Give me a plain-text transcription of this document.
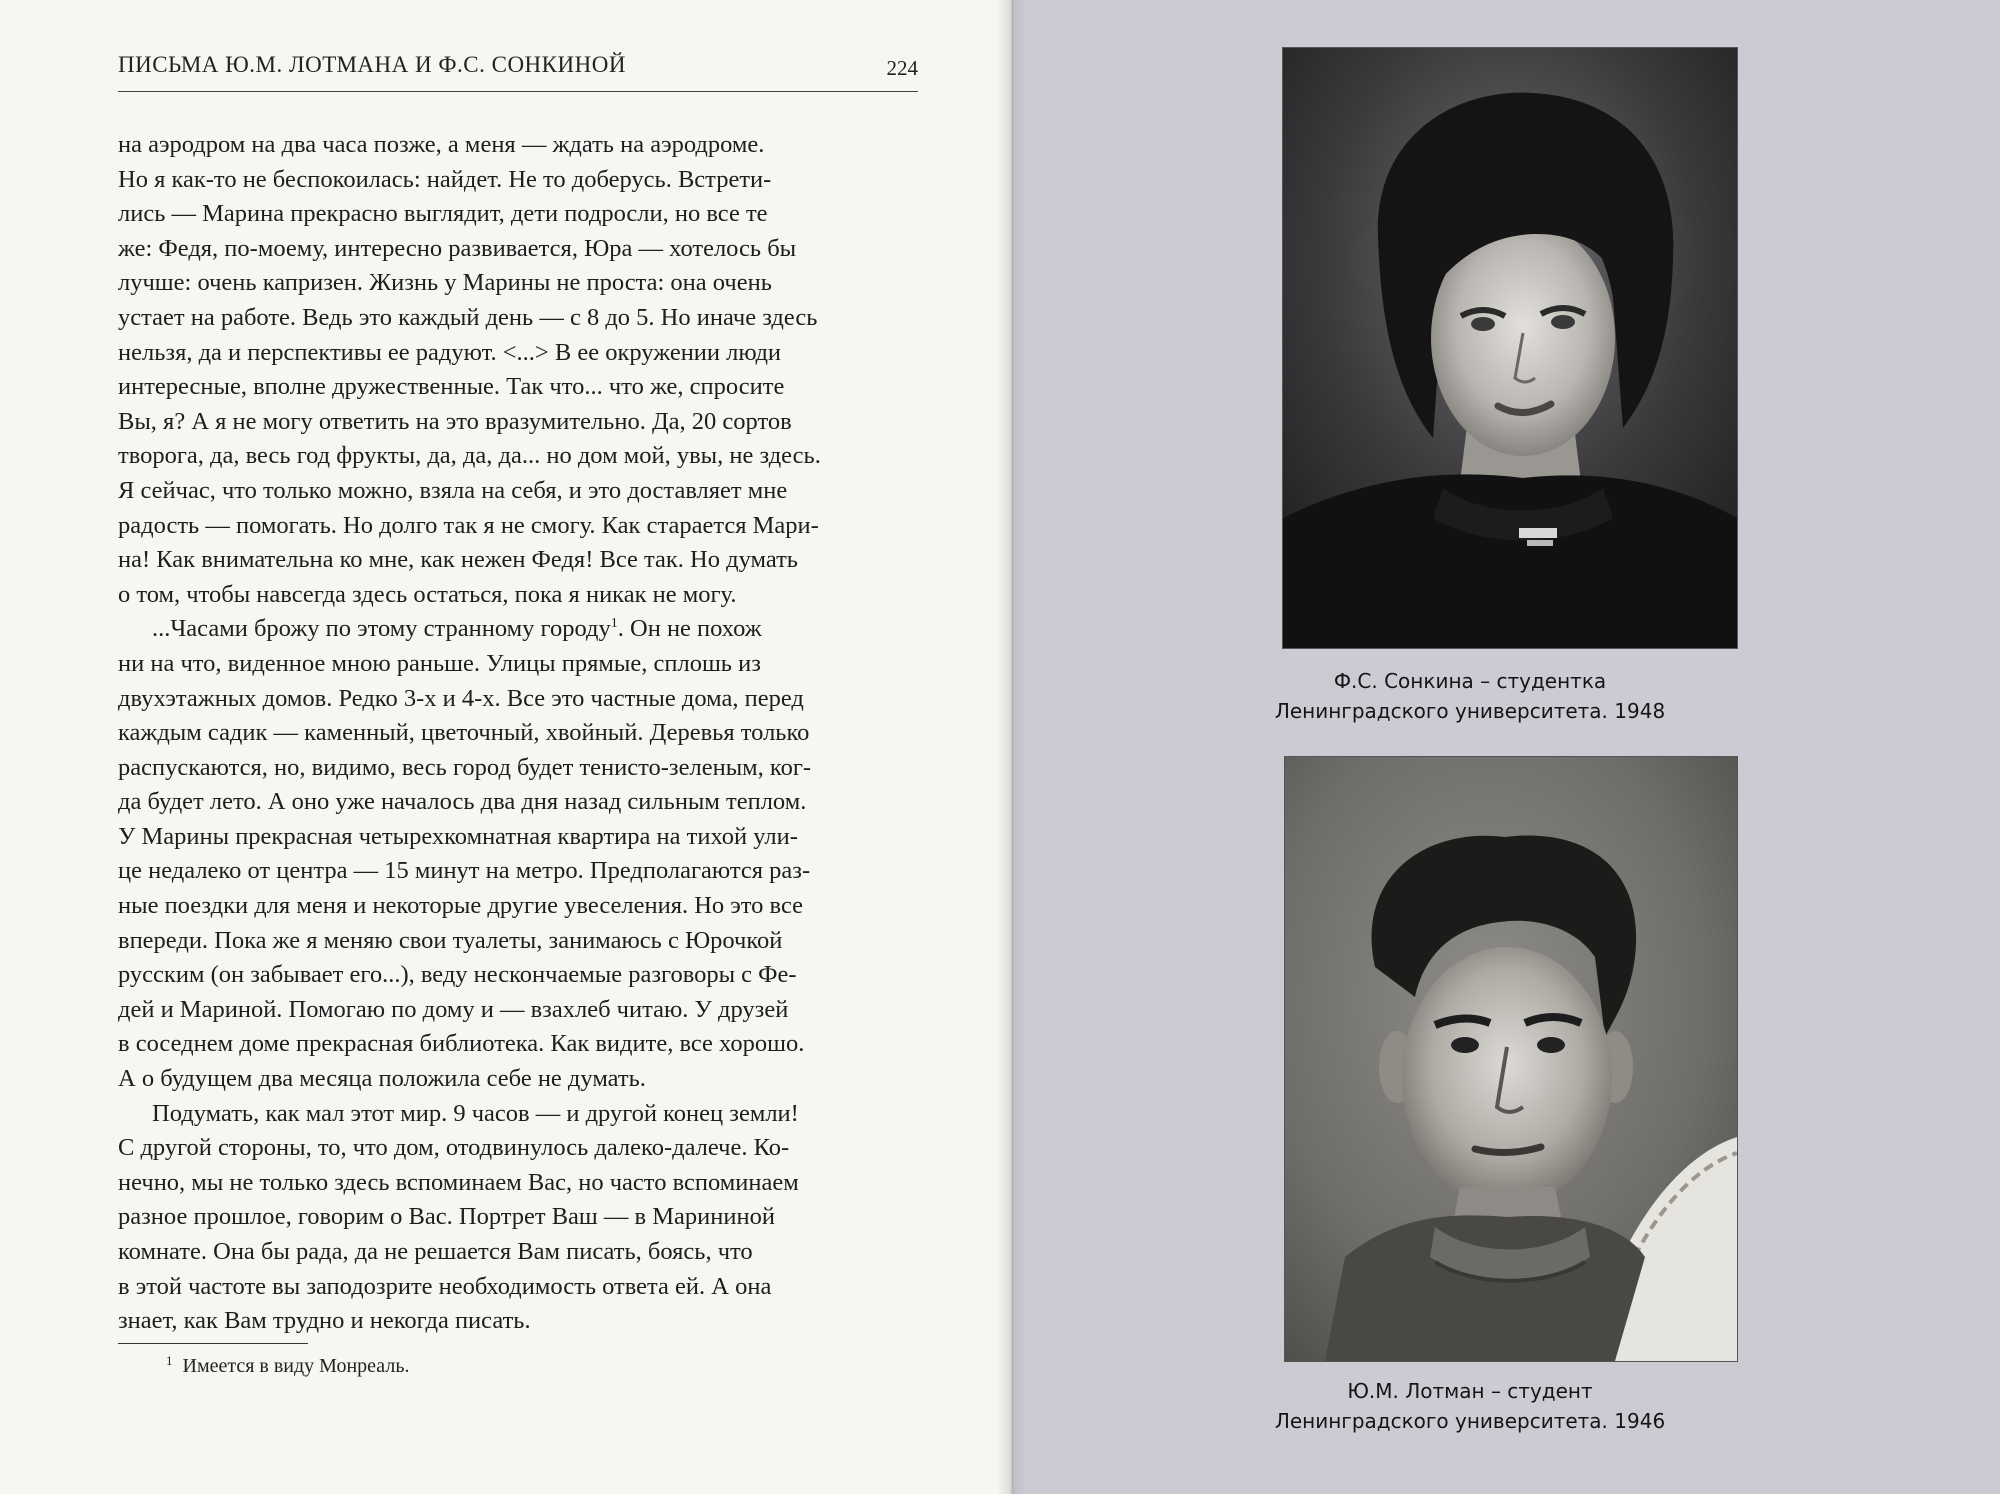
ПИСЬМА Ю.М. ЛОТМАНА И Ф.С. СОНКИНОЙ	224
на аэродром на два часа позже, а меня — ждать на аэродроме.
Но я как-то не беспокоилась: найдет. Не то доберусь. Встрети-
лись — Марина прекрасно выглядит, дети подросли, но все те
же: Федя, по-моему, интересно развивается, Юра — хотелось бы
лучше: очень капризен. Жизнь у Марины не проста: она очень
устает на работе. Ведь это каждый день — с 8 до 5. Но иначе здесь
нельзя, да и перспективы ее радуют. <...> В ее окружении люди
интересные, вполне дружественные. Так что... что же, спросите
Вы, я? А я не могу ответить на это вразумительно. Да, 20 сортов
творога, да, весь год фрукты, да, да, да... но дом мой, увы, не здесь.
Я сейчас, что только можно, взяла на себя, и это доставляет мне
радость — помогать. Но долго так я не смогу. Как старается Мари-
на! Как внимательна ко мне, как нежен Федя! Все так. Но думать
о том, чтобы навсегда здесь остаться, пока я никак не могу.
...Часами брожу по этому странному городу$^1$. Он не похож
ни на что, виденное мною раньше. Улицы прямые, сплошь из
двухэтажных домов. Редко 3-х и 4-х. Все это частные дома, перед
каждым садик — каменный, цветочный, хвойный. Деревья только
распускаются, но, видимо, весь город будет тенисто-зеленым, ког-
да будет лето. А оно уже началось два дня назад сильным теплом.
У Марины прекрасная четырехкомнатная квартира на тихой ули-
це недалеко от центра — 15 минут на метро. Предполагаются раз-
ные поездки для меня и некоторые другие увеселения. Но это все
впереди. Пока же я меняю свои туалеты, занимаюсь с Юрочкой
русским (он забывает его...), веду нескончаемые разговоры с Фе-
дей и Мариной. Помогаю по дому и — взахлеб читаю. У друзей
в соседнем доме прекрасная библиотека. Как видите, все хорошо.
А о будущем два месяца положила себе не думать.
Подумать, как мал этот мир. 9 часов — и другой конец земли!
С другой стороны, то, что дом, отодвинулось далеко-далече. Ко-
нечно, мы не только здесь вспоминаем Вас, но часто вспоминаем
разное прошлое, говорим о Вас. Портрет Ваш — в Марининой
комнате. Она бы рада, да не решается Вам писать, боясь, что
в этой частоте вы заподозрите необходимость ответа ей. А она
знает, как Вам трудно и некогда писать.
$^1$ Имеется в виду Монреаль.
Ф.С. Сонкина – студентка
Ленинградского университета. 1948
Ю.М. Лотман – студент
Ленинградского университета. 1946
